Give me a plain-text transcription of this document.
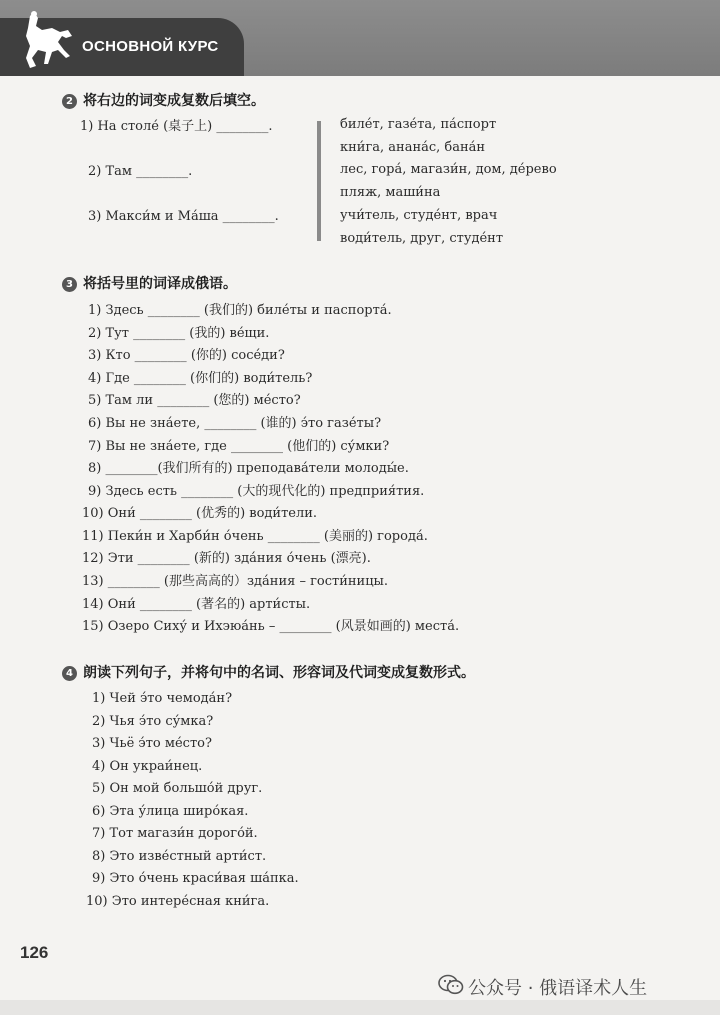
ОСНОВНОЙ КУРС
2 将右边的词变成复数后填空。
1) На столе́ (桌子上) ________.
2) Там ________.
3) Макси́м и Ма́ша ________.
биле́т, газе́та, па́спорт
кни́га, анана́с, бана́н
лес, гора́, магази́н, дом, де́рево
пляж, маши́на
учи́тель, студе́нт, врач
води́тель, друг, студе́нт
3 将括号里的词译成俄语。
1) Здесь ________ (我们的) биле́ты и паспорта́.
2) Тут ________ (我的) ве́щи.
3) Кто ________ (你的) сосе́ди?
4) Где ________ (你们的) води́тель?
5) Там ли ________ (您的) ме́сто?
6) Вы не зна́ете, ________ (谁的) э́то газе́ты?
7) Вы не зна́ете, где ________ (他们的) су́мки?
8) ________(我们所有的) преподава́тели молоды́е.
9) Здесь есть ________ (大的现代化的) предприя́тия.
10) Они́ ________ (优秀的) води́тели.
11) Пеки́н и Харби́н о́чень ________ (美丽的) города́.
12) Эти ________ (新的) зда́ния о́чень (漂亮).
13) ________ (那些高高的）зда́ния – гости́ницы.
14) Они́ ________ (著名的) арти́сты.
15) Озеро Сиху́ и Ихэюа́нь – ________ (风景如画的) места́.
4 朗读下列句子，并将句中的名词、形容词及代词变成复数形式。
1) Чей э́то чемода́н?
2) Чья э́то су́мка?
3) Чьё э́то ме́сто?
4) Он украи́нец.
5) Он мой большо́й друг.
6) Эта у́лица широ́кая.
7) Тот магази́н дорого́й.
8) Это изве́стный арти́ст.
9) Это о́чень краси́вая ша́пка.
10) Это интере́сная кни́га.
126
公众号 · 俄语译术人生
